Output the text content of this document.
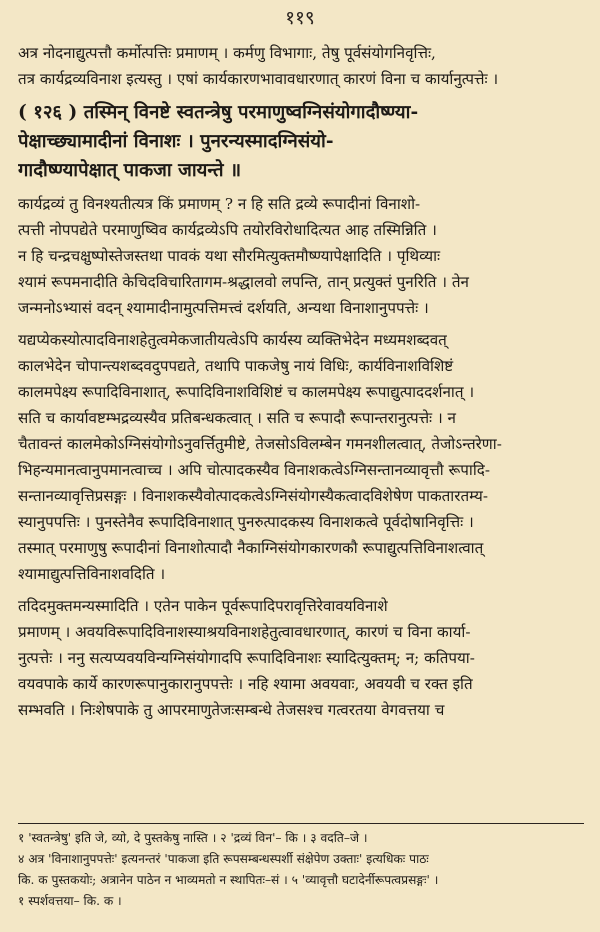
११९
अत्र नोदनाद्युत्पत्तौ कर्मोत्पत्तिः प्रमाणम् । कर्मणु विभागाः, तेषु पूर्वसंयोगनिवृत्तिः,
तत्र कार्यद्रव्यविनाश इत्यस्तु । एषां कार्यकारणभावावधारणात् कारणं विना च कार्यानुत्पत्तेः ।
( १२६ ) तस्मिन् विनष्टे स्वतन्त्रेषु परमाणुष्वग्निसंयोगादौष्ण्या-
पेक्षाच्छ्यामादीनां विनाशः । पुनरन्यस्मादग्निसंयो-
गादौष्ण्यापेक्षात् पाकजा जायन्ते ॥
कार्यद्रव्यं तु विनश्यतीत्यत्र किं प्रमाणम् ? न हि सति द्रव्ये रूपादीनां विनाशो-
त्पत्ती नोपपद्येते परमाणुष्विव कार्यद्रव्येऽपि तयोरविरोधादित्यत आह तस्मिन्निति ।
न हि चन्द्रचक्षुष्पोस्तेजस्तथा पावकं यथा सौरमित्युक्तमौष्ण्यापेक्षादिति । पृथिव्याः
श्यामं रूपमनादीति केचिदविचारितागम-श्रद्धालवो लपन्ति, तान् प्रत्युक्तं पुनरिति । तेन
जन्मनोऽभ्यासं वदन् श्यामादीनामुत्पत्तिमत्त्वं दर्शयति, अन्यथा विनाशानुपपत्तेः ।
यद्यप्येकस्योत्पादविनाशहेतुत्वमेकजातीयत्वेऽपि कार्यस्य व्यक्तिभेदेन मध्यमशब्दवत्
कालभेदेन चोपान्त्यशब्दवदुपपद्यते, तथापि पाकजेषु नायं विधिः, कार्यविनाशविशिष्टं
कालमपेक्ष्य रूपादिविनाशात्, रूपादिविनाशविशिष्टं च कालमपेक्ष्य रूपाद्युत्पाददर्शनात् ।
सति च कार्यावष्टम्भद्रव्यस्यैव प्रतिबन्धकत्वात् । सति च रूपादौ रूपान्तरानुत्पत्तेः । न
चैतावन्तं कालमेकोऽग्निसंयोगोऽनुवर्त्तितुमीष्टे, तेजसोऽविलम्बेन गमनशीलत्वात्, तेजोऽन्तरेणा-
भिहन्यमानत्वानुपमानत्वाच्च । अपि चोत्पादकस्यैव विनाशकत्वेऽग्निसन्तानव्यावृत्तौ रूपादि-
सन्तानव्यावृत्तिप्रसङ्गः । विनाशकस्यैवोत्पादकत्वेऽग्निसंयोगस्यैकत्वादविशेषेण पाकतारतम्य-
स्यानुपपत्तिः । पुनस्तेनैव रूपादिविनाशात् पुनरुत्पादकस्य विनाशकत्वे पूर्वदोषानिवृत्तिः ।
तस्मात् परमाणुषु रूपादीनां विनाशोत्पादौ नैकाग्निसंयोगकारणकौ रूपाद्युत्पत्तिविनाशत्वात्
श्यामाद्युत्पत्तिविनाशवदिति ।
तदिदमुक्तमन्यस्मादिति । एतेन पाकेन पूर्वरूपादिपरावृत्तिरेवावयविनाशे
प्रमाणम् । अवयविरूपादिविनाशस्याश्रयविनाशहेतुत्वावधारणात्, कारणं च विना कार्या-
नुत्पत्तेः । ननु सत्यप्यवयविन्यग्निसंयोगादपि रूपादिविनाशः स्यादित्युक्तम्; न; कतिपया-
वयवपाके कार्ये कारणरूपानुकारानुपपत्तेः । नहि श्यामा अवयवाः, अवयवी च रक्त इति
सम्भवति । निःशेषपाके तु आपरमाणुतेजःसम्बन्धे तेजसश्च गत्वरतया वेगवत्तया च
१ 'स्वतन्त्रेषु' इति जे, व्यो, दे पुस्तकेषु नास्ति । २ 'द्रव्यं विन'– कि । ३ वदति–जे ।
४ अत्र 'विनाशानुपपत्तेः' इत्यनन्तरं 'पाकजा इति रूपसम्बन्धस्पर्शी संक्षेपेण उक्ताः' इत्यधिकः पाठः
कि. क पुस्तकयोः; अत्रानेन पाठेन न भाव्यमतो न स्थापितः–सं । ५ 'व्यावृत्तौ घटादेर्नीरूपत्वप्रसङ्गः' ।
१ स्पर्शवत्तया– कि. क ।
